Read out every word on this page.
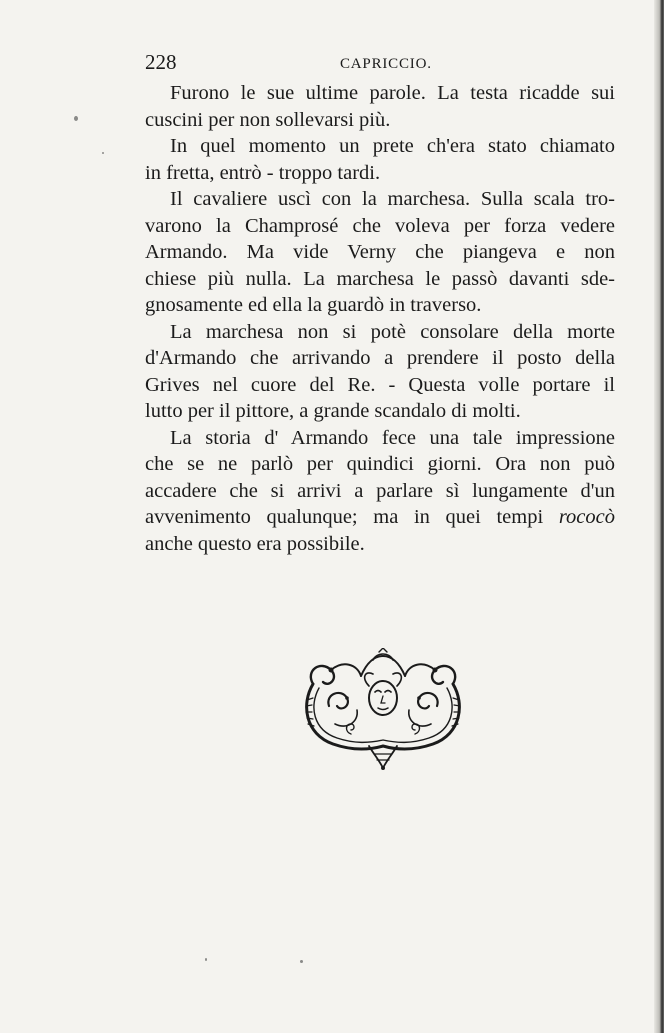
228	CAPRICCIO.
Furono le sue ultime parole. La testa ricadde sui
cuscini per non sollevarsi più.
In quel momento un prete ch'era stato chiamato
in fretta, entrò - troppo tardi.
Il cavaliere uscì con la marchesa. Sulla scala tro-
varono la Champrosé che voleva per forza vedere
Armando. Ma vide Verny che piangeva e non
chiese più nulla. La marchesa le passò davanti sde-
gnosamente ed ella la guardò in traverso.
La marchesa non si potè consolare della morte
d'Armando che arrivando a prendere il posto della
Grives nel cuore del Re. - Questa volle portare il
lutto per il pittore, a grande scandalo di molti.
La storia d' Armando fece una tale impressione
che se ne parlò per quindici giorni. Ora non può
accadere che si arrivi a parlare sì lungamente d'un
avvenimento qualunque; ma in quei tempi rococò
anche questo era possibile.
